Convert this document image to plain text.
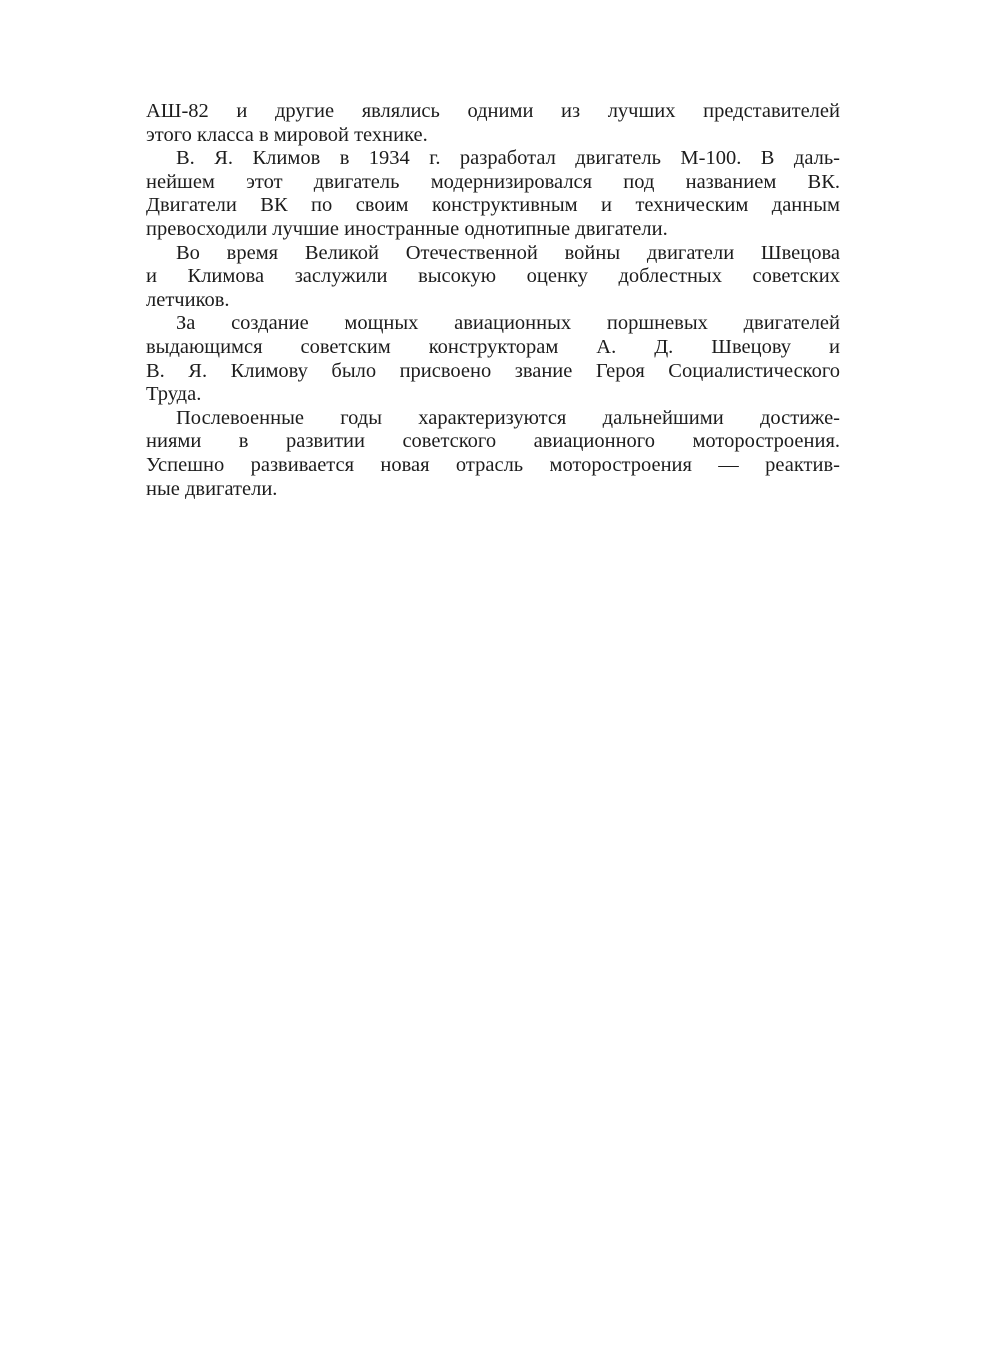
АШ-82 и другие являлись одними из лучших представителей
этого класса в мировой технике.
В. Я. Климов в 1934 г. разработал двигатель М-100. В даль-
нейшем этот двигатель модернизировался под названием ВК.
Двигатели ВК по своим конструктивным и техническим данным
превосходили лучшие иностранные однотипные двигатели.
Во время Великой Отечественной войны двигатели Швецова
и Климова заслужили высокую оценку доблестных советских
летчиков.
За создание мощных авиационных поршневых двигателей
выдающимся советским конструкторам А. Д. Швецову и
В. Я. Климову было присвоено звание Героя Социалистического
Труда.
Послевоенные годы характеризуются дальнейшими достиже-
ниями в развитии советского авиационного моторостроения.
Успешно развивается новая отрасль моторостроения — реактив-
ные двигатели.
